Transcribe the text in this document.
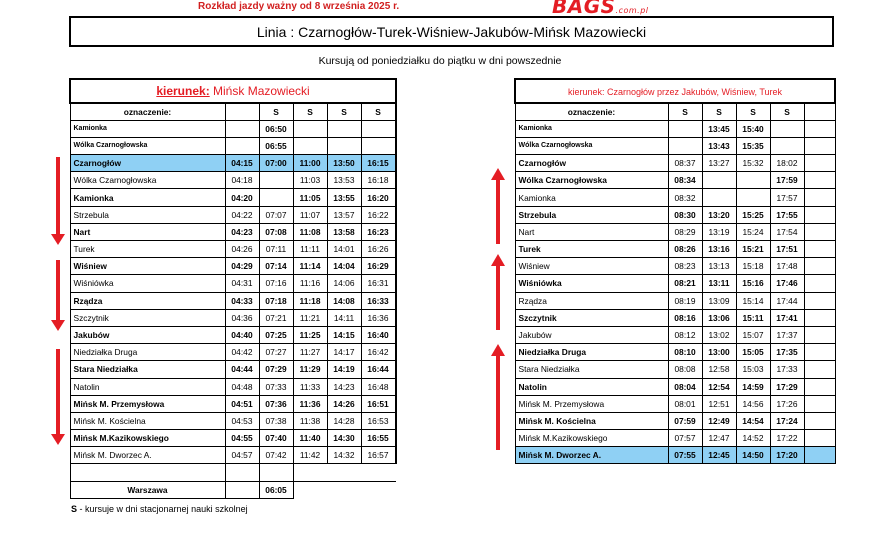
Rozkład jazdy ważny od 8 września 2025 r.	BAGS.com.pl
Linia : Czarnogłów-Turek-Wiśniew-Jakubów-Mińsk Mazowiecki
Kursują od poniedziałku do piątku w dni powszednie
kierunek: Mińsk Mazowiecki						
oznaczenie:		S	S	S	S	
Kamionka		06:50				
Wólka Czarnogłowska		06:55				
Czarnogłów	04:15	07:00	11:00	13:50	16:15	
Wólka Czarnogłowska	04:18		11:03	13:53	16:18	
Kamionka	04:20		11:05	13:55	16:20	
Strzebula	04:22	07:07	11:07	13:57	16:22	
Nart	04:23	07:08	11:08	13:58	16:23	
Turek	04:26	07:11	11:11	14:01	16:26	
Wiśniew	04:29	07:14	11:14	14:04	16:29	
Wiśniówka	04:31	07:16	11:16	14:06	16:31	
Rządza	04:33	07:18	11:18	14:08	16:33	
Szczytnik	04:36	07:21	11:21	14:11	16:36	
Jakubów	04:40	07:25	11:25	14:15	16:40	
Niedziałka Druga	04:42	07:27	11:27	14:17	16:42	
Stara Niedziałka	04:44	07:29	11:29	14:19	16:44	
Natolin	04:48	07:33	11:33	14:23	16:48	
Mińsk M. Przemysłowa	04:51	07:36	11:36	14:26	16:51	
Mińsk M. Kościelna	04:53	07:38	11:38	14:28	16:53	
Mińsk M.Kazikowskiego	04:55	07:40	11:40	14:30	16:55	
Mińsk M. Dworzec A.	04:57	07:42	11:42	14:32	16:57	

Warszawa		06:05				
kierunek: Czarnogłów przez Jakubów, Wiśniew, Turek					
oznaczenie:	S	S	S	S	
Kamionka		13:45	15:40		
Wólka Czarnogłowska		13:43	15:35		
Czarnogłów	08:37	13:27	15:32	18:02	
Wólka Czarnogłowska	08:34			17:59	
Kamionka	08:32			17:57	
Strzebula	08:30	13:20	15:25	17:55	
Nart	08:29	13:19	15:24	17:54	
Turek	08:26	13:16	15:21	17:51	
Wiśniew	08:23	13:13	15:18	17:48	
Wiśniówka	08:21	13:11	15:16	17:46	
Rządza	08:19	13:09	15:14	17:44	
Szczytnik	08:16	13:06	15:11	17:41	
Jakubów	08:12	13:02	15:07	17:37	
Niedziałka Druga	08:10	13:00	15:05	17:35	
Stara Niedziałka	08:08	12:58	15:03	17:33	
Natolin	08:04	12:54	14:59	17:29	
Mińsk M. Przemysłowa	08:01	12:51	14:56	17:26	
Mińsk M. Kościelna	07:59	12:49	14:54	17:24	
Mińsk M.Kazikowskiego	07:57	12:47	14:52	17:22	
Mińsk M. Dworzec A.	07:55	12:45	14:50	17:20	
S - kursuje w dni stacjonarnej nauki szkolnej
